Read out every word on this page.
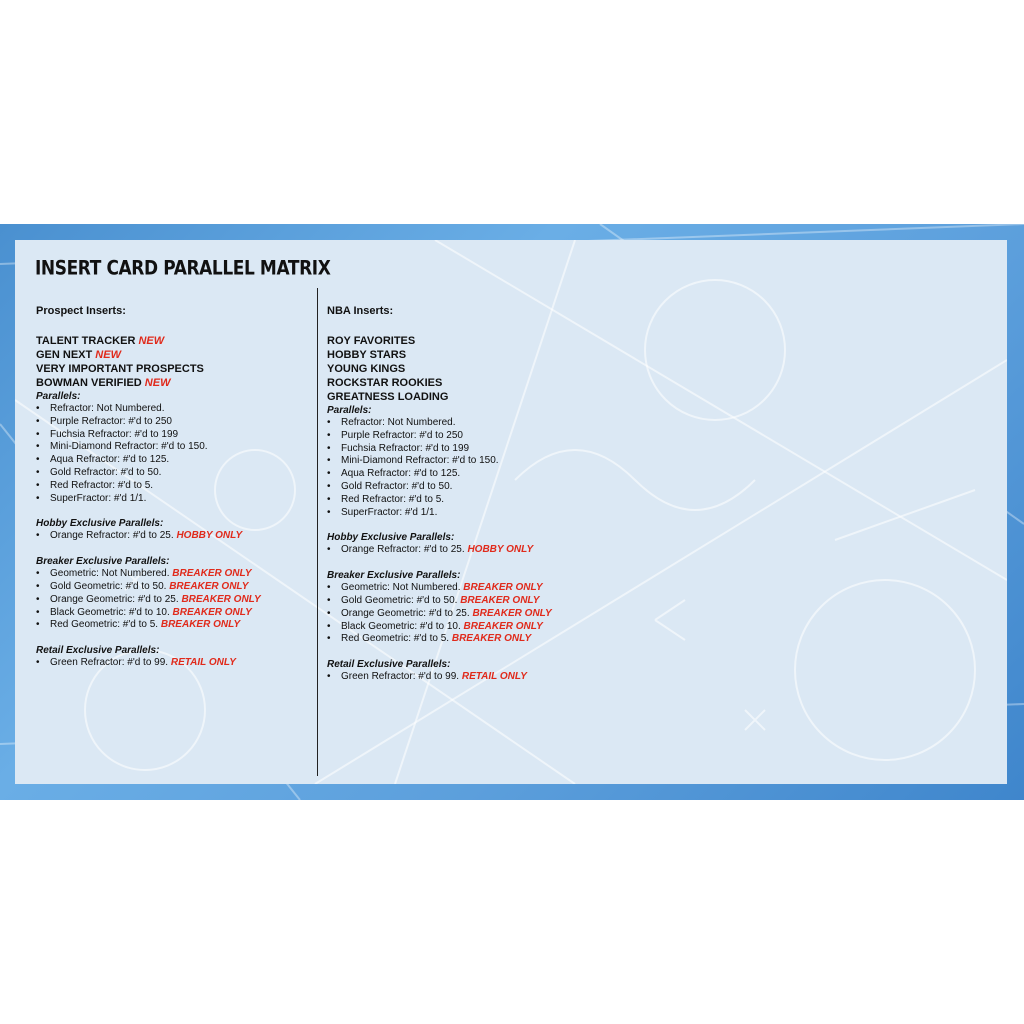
INSERT CARD PARALLEL MATRIX
Prospect Inserts:
TALENT TRACKER NEW
GEN NEXT NEW
VERY IMPORTANT PROSPECTS
BOWMAN VERIFIED NEW
Parallels:
• Refractor: Not Numbered.
• Purple Refractor: #'d to 250
• Fuchsia Refractor: #'d to 199
• Mini-Diamond Refractor: #'d to 150.
• Aqua Refractor: #'d to 125.
• Gold Refractor: #'d to 50.
• Red Refractor: #'d to 5.
• SuperFractor: #'d 1/1.
Hobby Exclusive Parallels:
• Orange Refractor: #'d to 25. HOBBY ONLY
Breaker Exclusive Parallels:
• Geometric: Not Numbered. BREAKER ONLY
• Gold Geometric: #'d to 50. BREAKER ONLY
• Orange Geometric: #'d to 25. BREAKER ONLY
• Black Geometric: #'d to 10. BREAKER ONLY
• Red Geometric: #'d to 5. BREAKER ONLY
Retail Exclusive Parallels:
• Green Refractor: #'d to 99. RETAIL ONLY
NBA Inserts:
ROY FAVORITES
HOBBY STARS
YOUNG KINGS
ROCKSTAR ROOKIES
GREATNESS LOADING
Parallels:
• Refractor: Not Numbered.
• Purple Refractor: #'d to 250
• Fuchsia Refractor: #'d to 199
• Mini-Diamond Refractor: #'d to 150.
• Aqua Refractor: #'d to 125.
• Gold Refractor: #'d to 50.
• Red Refractor: #'d to 5.
• SuperFractor: #'d 1/1.
Hobby Exclusive Parallels:
• Orange Refractor: #'d to 25. HOBBY ONLY
Breaker Exclusive Parallels:
• Geometric: Not Numbered. BREAKER ONLY
• Gold Geometric: #'d to 50. BREAKER ONLY
• Orange Geometric: #'d to 25. BREAKER ONLY
• Black Geometric: #'d to 10. BREAKER ONLY
• Red Geometric: #'d to 5. BREAKER ONLY
Retail Exclusive Parallels:
• Green Refractor: #'d to 99. RETAIL ONLY
